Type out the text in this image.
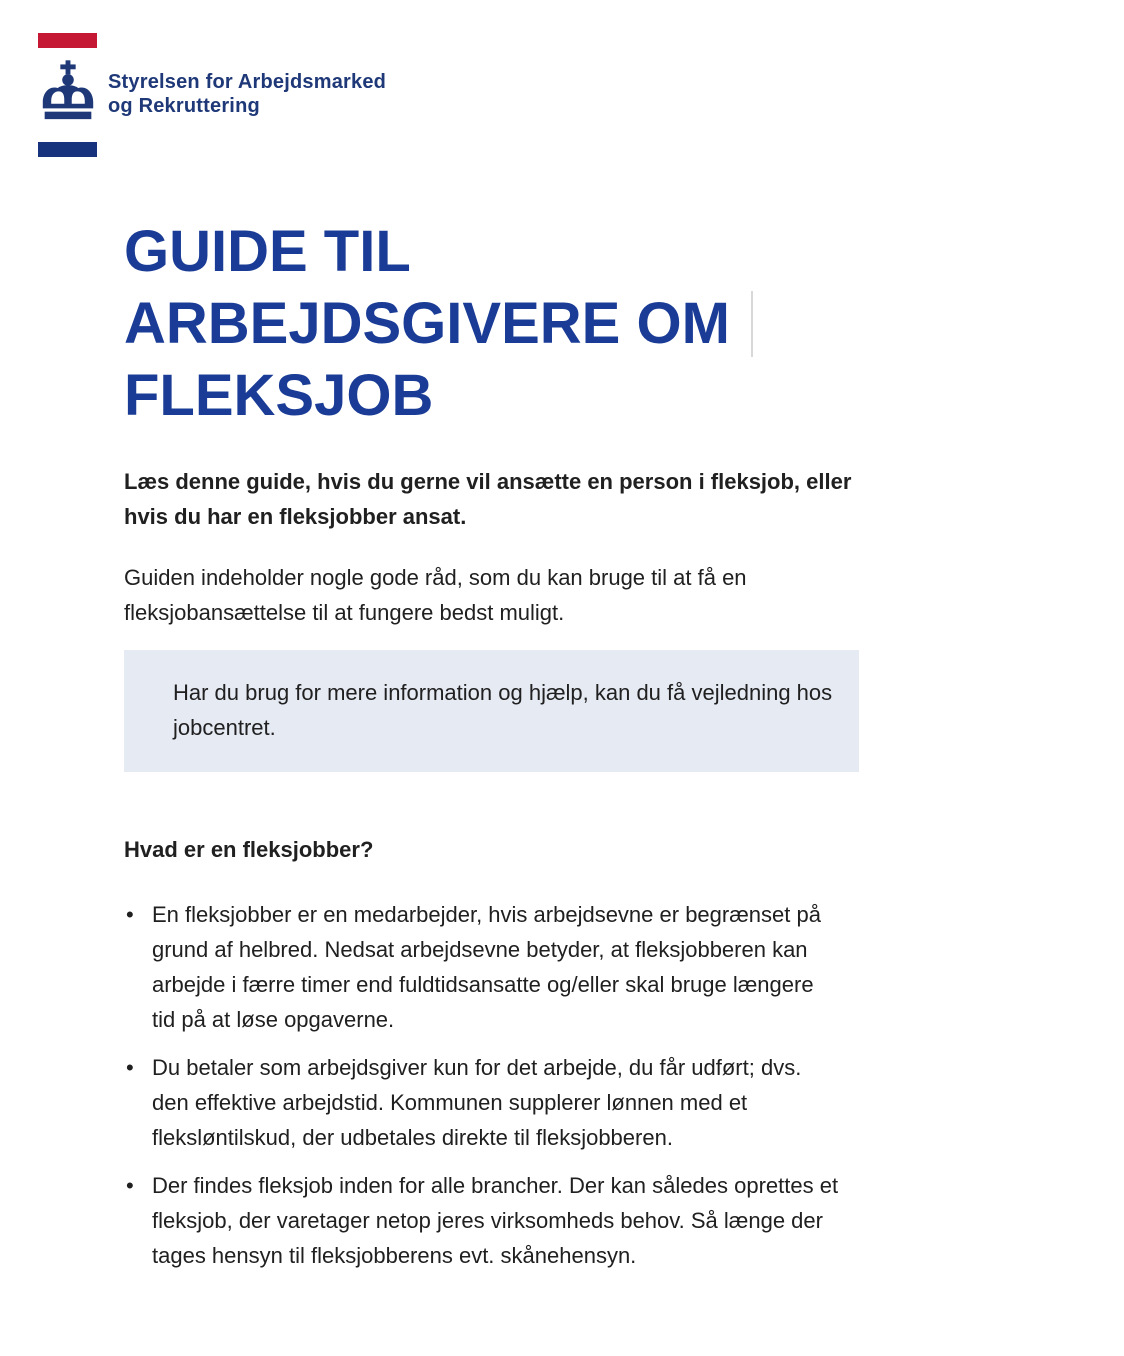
Styrelsen for Arbejdsmarked
og Rekruttering
GUIDE TIL
ARBEJDSGIVERE OM
FLEKSJOB

Læs denne guide, hvis du gerne vil ansætte en person i fleksjob, eller hvis du har en fleksjobber ansat.

Guiden indeholder nogle gode råd, som du kan bruge til at få en fleksjobansættelse til at fungere bedst muligt.

Har du brug for mere information og hjælp, kan du få vejledning hos jobcentret.

Hvad er en fleksjobber?
• En fleksjobber er en medarbejder, hvis arbejdsevne er begrænset på grund af helbred. Nedsat arbejdsevne betyder, at fleksjobberen kan arbejde i færre timer end fuldtidsansatte og/eller skal bruge længere tid på at løse opgaverne.
• Du betaler som arbejdsgiver kun for det arbejde, du får udført; dvs. den effektive arbejdstid. Kommunen supplerer lønnen med et fleksløntilskud, der udbetales direkte til fleksjobberen.
• Der findes fleksjob inden for alle brancher. Der kan således oprettes et fleksjob, der varetager netop jeres virksomheds behov. Så længe der tages hensyn til fleksjobberens evt. skånehensyn.
